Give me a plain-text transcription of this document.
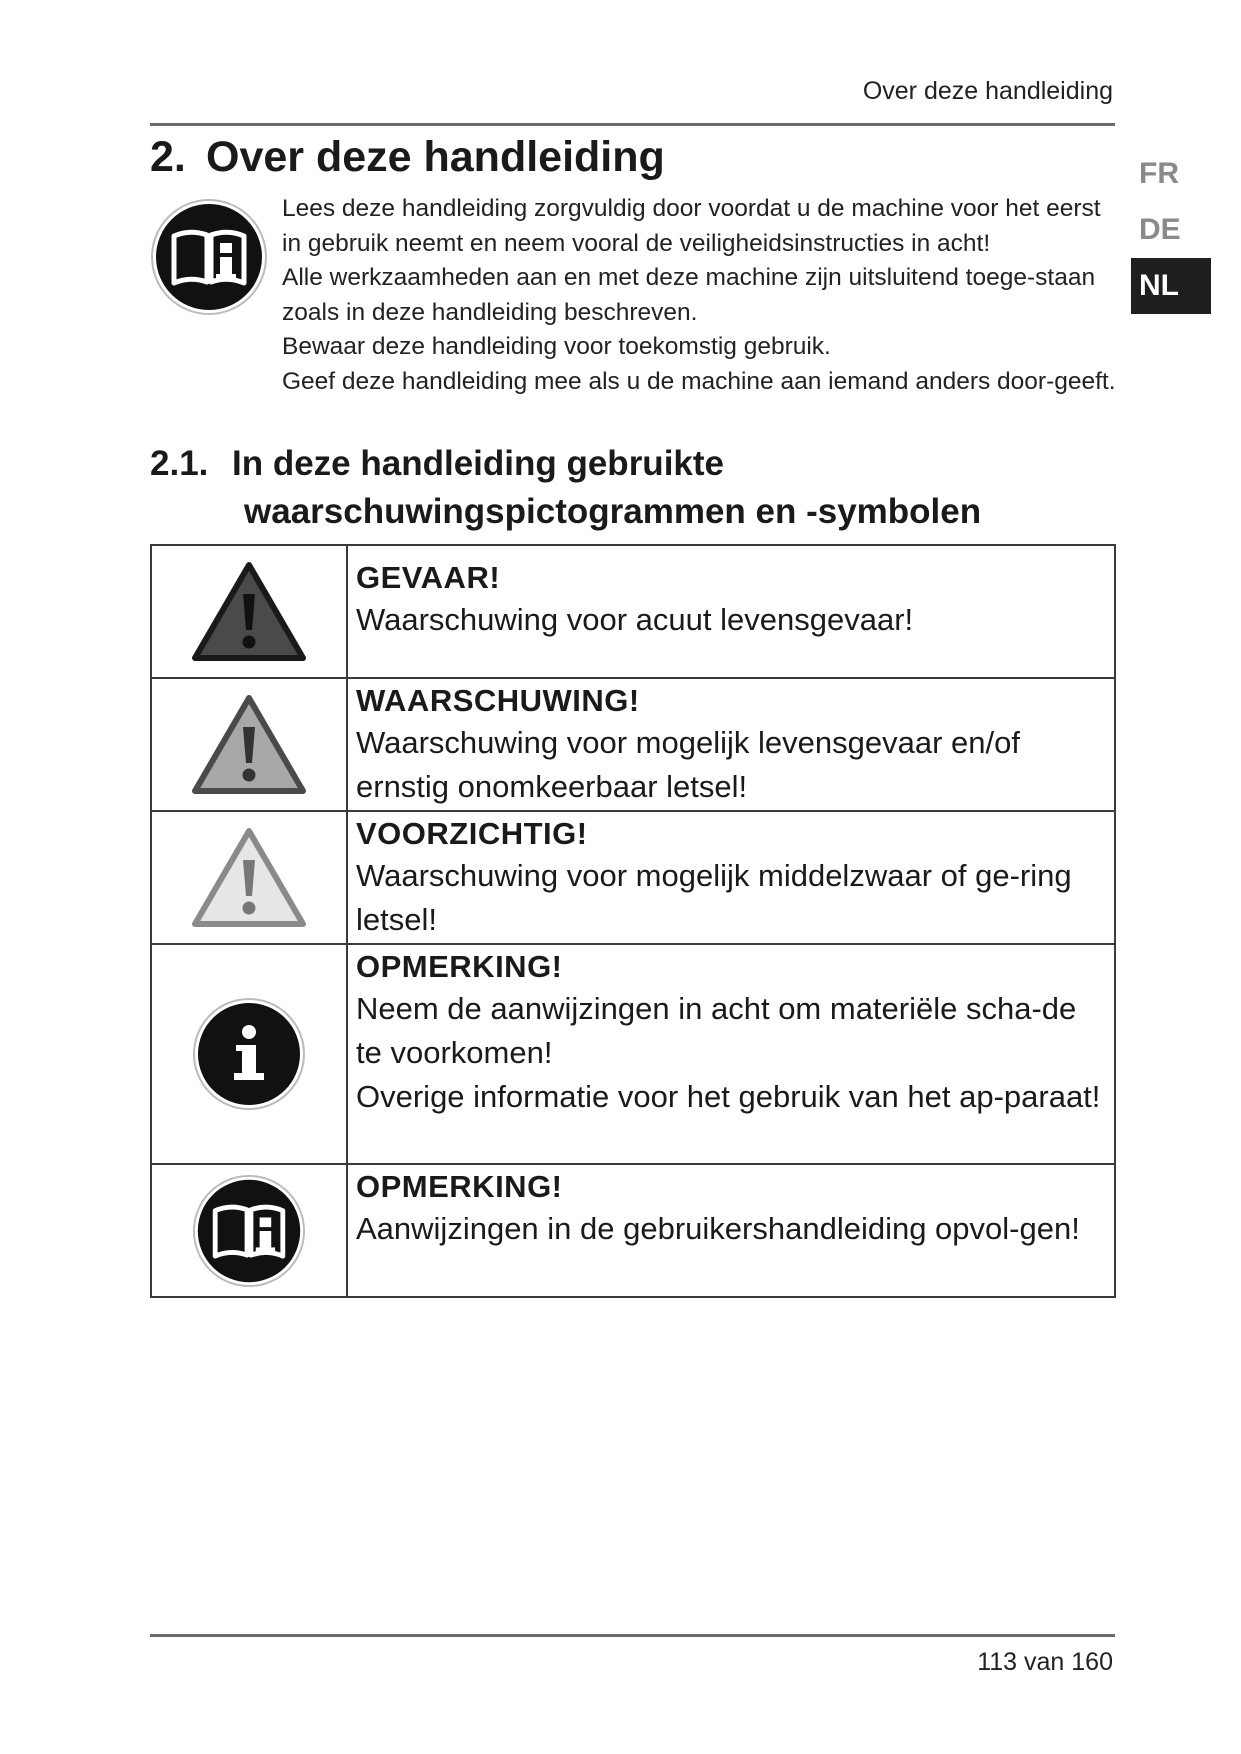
Over deze handleiding
FR
DE
NL
2. Over deze handleiding

Lees deze handleiding zorgvuldig door voordat u de machine voor het eerst in gebruik neemt en neem vooral de veiligheidsinstructies in acht!

Alle werkzaamheden aan en met deze machine zijn uitsluitend toege-staan zoals in deze handleiding beschreven.

Bewaar deze handleiding voor toekomstig gebruik.

Geef deze handleiding mee als u de machine aan iemand anders door-geeft.

2.1. In deze handleiding gebruikte
waarschuwingspictogrammen en -symbolen

GEVAAR!
Waarschuwing voor acuut levensgevaar!

WAARSCHUWING!
Waarschuwing voor mogelijk levensgevaar en/of ernstig onomkeerbaar letsel!

VOORZICHTIG!
Waarschuwing voor mogelijk middelzwaar of ge-ring letsel!

OPMERKING!
Neem de aanwijzingen in acht om materiële scha-de te voorkomen!
Overige informatie voor het gebruik van het ap-paraat!

OPMERKING!
Aanwijzingen in de gebruikershandleiding opvol-gen!
113 van 160
